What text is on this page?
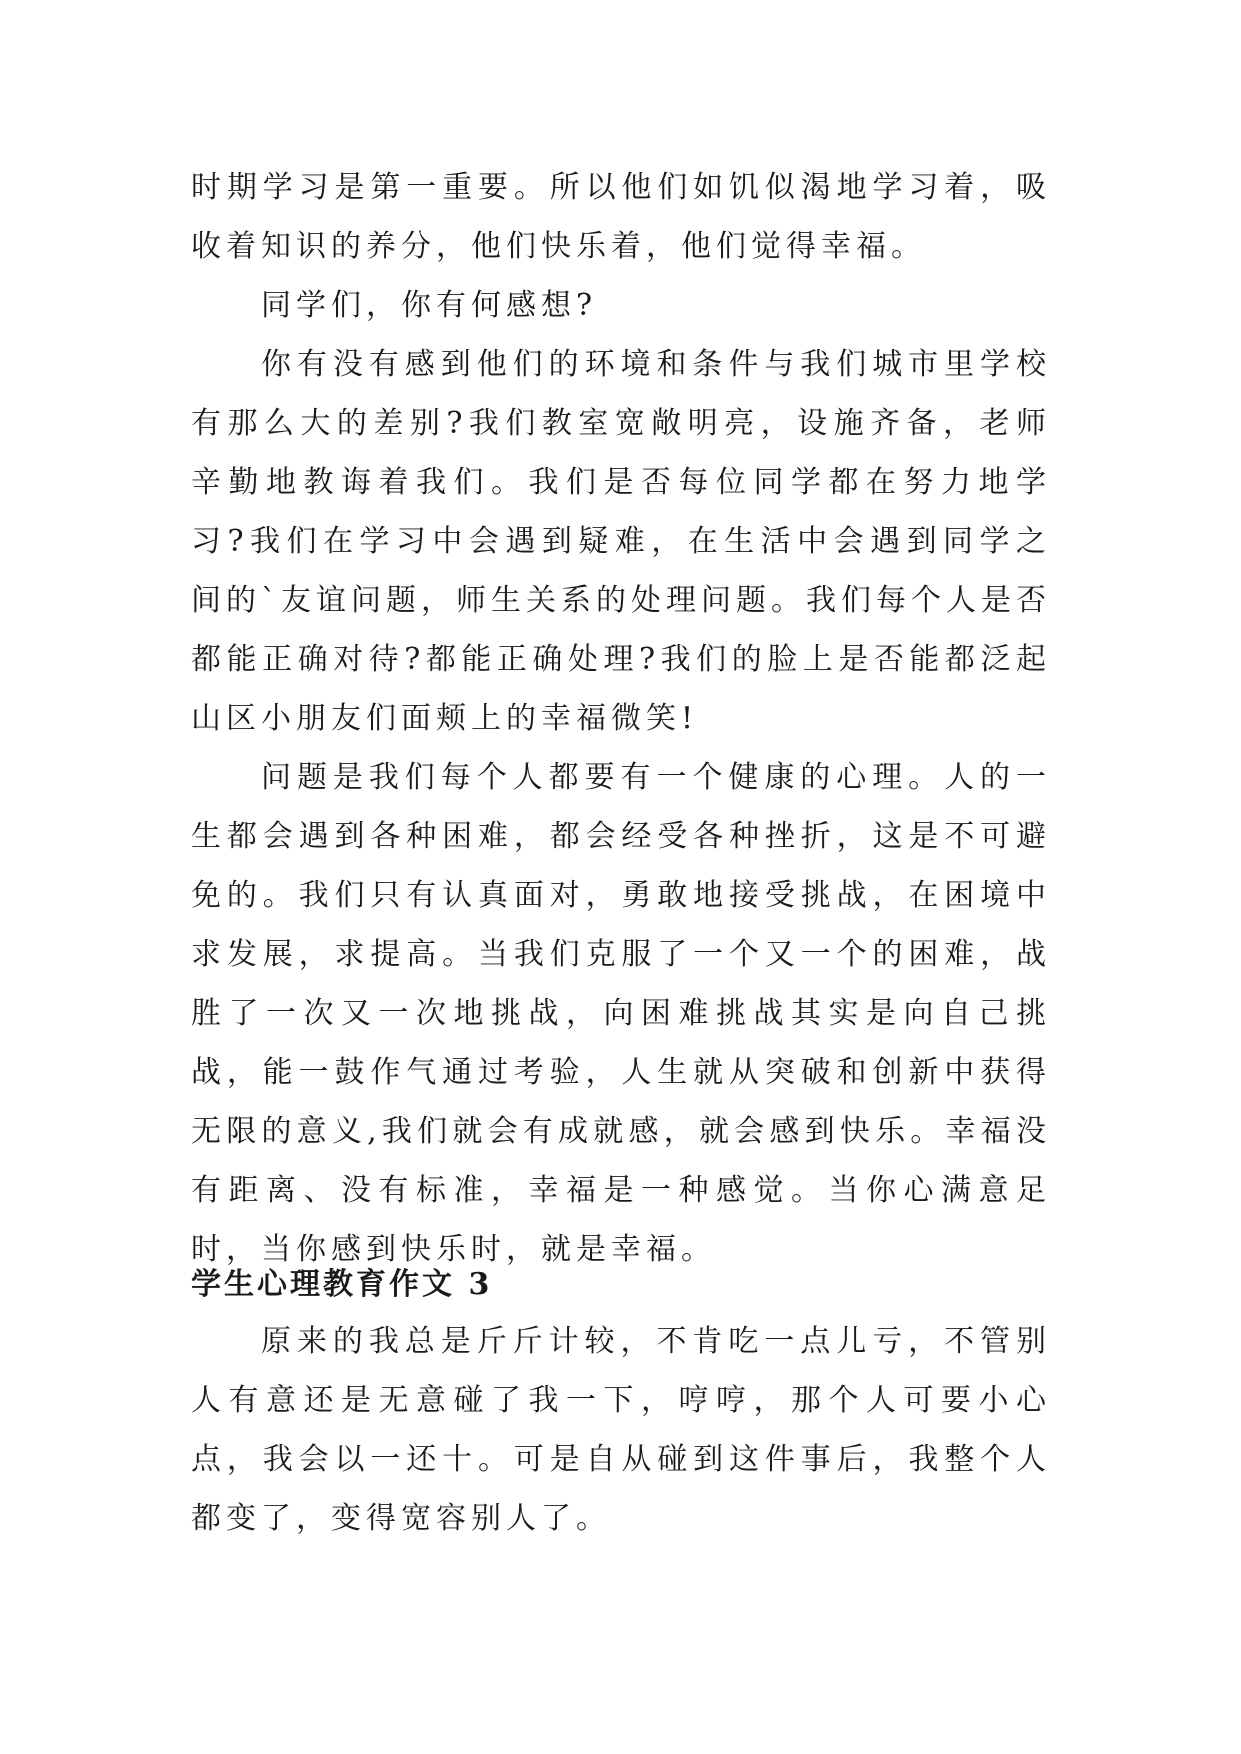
时期学习是第一重要。所以他们如饥似渴地学习着，吸收着知识的养分，他们快乐着，他们觉得幸福。

同学们，你有何感想?

你有没有感到他们的环境和条件与我们城市里学校有那么大的差别?我们教室宽敞明亮，设施齐备，老师辛勤地教诲着我们。我们是否每位同学都在努力地学习?我们在学习中会遇到疑难，在生活中会遇到同学之间的`友谊问题，师生关系的处理问题。我们每个人是否都能正确对待?都能正确处理?我们的脸上是否能都泛起山区小朋友们面颊上的幸福微笑!

问题是我们每个人都要有一个健康的心理。人的一生都会遇到各种困难，都会经受各种挫折，这是不可避免的。我们只有认真面对，勇敢地接受挑战，在困境中求发展，求提高。当我们克服了一个又一个的困难，战胜了一次又一次地挑战，向困难挑战其实是向自己挑战，能一鼓作气通过考验，人生就从突破和创新中获得无限的意义,我们就会有成就感，就会感到快乐。幸福没有距离、没有标准，幸福是一种感觉。当你心满意足时，当你感到快乐时，就是幸福。

学生心理教育作文 3

原来的我总是斤斤计较，不肯吃一点儿亏，不管别人有意还是无意碰了我一下，哼哼，那个人可要小心点，我会以一还十。可是自从碰到这件事后，我整个人都变了，变得宽容别人了。
